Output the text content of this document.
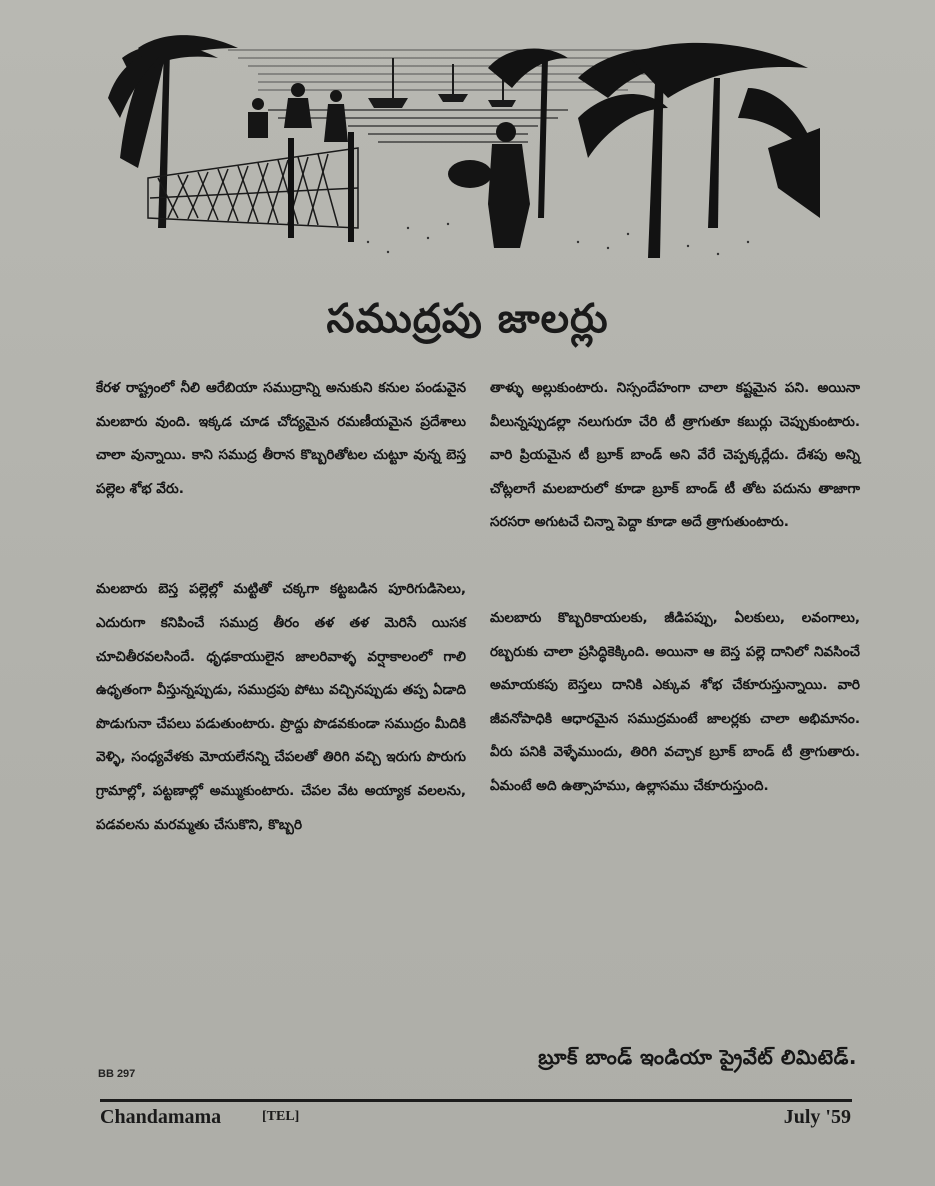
సముద్రపు జాలర్లు

కేరళ రాష్ట్రంలో నీలి ఆరేబియా సముద్రాన్ని అనుకుని కనుల పండువైన మలబారు వుంది. ఇక్కడ చూడ చోద్యమైన రమణీయమైన ప్రదేశాలు చాలా వున్నాయి. కాని సముద్ర తీరాన కొబ్బరితోటల చుట్టూ వున్న బెస్త పల్లెల శోభ వేరు.

మలబారు బెస్త పల్లెల్లో మట్టితో చక్కగా కట్టబడిన పూరిగుడిసెలు, ఎదురుగా కనిపించే సముద్ర తీరం తళ తళ మెరిసే యిసక చూచితీరవలసిందే. ధృఢకాయులైన జాలరివాళ్ళ వర్షాకాలంలో గాలి ఉధృతంగా వీస్తున్నప్పుడు, సముద్రపు పోటు వచ్చినప్పుడు తప్ప ఏడాది పొడుగునా చేపలు పడుతుంటారు. ప్రొద్దు పొడవకుండా సముద్రం మీదికి వెళ్ళి, సంధ్యవేళకు మోయలేనన్ని చేపలతో తిరిగి వచ్చి ఇరుగు పొరుగు గ్రామాల్లో, పట్టణాల్లో అమ్ముకుంటారు. చేపల వేట అయ్యాక వలలను, పడవలను మరమ్మతు చేసుకొని, కొబ్బరి

తాళ్ళు అల్లుకుంటారు. నిస్సందేహంగా చాలా కష్టమైన పని. అయినా వీలున్నప్పుడల్లా నలుగురూ చేరి టీ త్రాగుతూ కబుర్లు చెప్పుకుంటారు. వారి ప్రియమైన టీ బ్రూక్ బాండ్ అని వేరే చెప్పక్కర్లేదు. దేశపు అన్ని చోట్లలాగే మలబారులో కూడా బ్రూక్ బాండ్ టీ తోట పదును తాజాగా సరసరా అగుటచే చిన్నా పెద్దా కూడా అదే త్రాగుతుంటారు.

మలబారు కొబ్బరికాయలకు, జీడిపప్పు, ఏలకులు, లవంగాలు, రబ్బరుకు చాలా ప్రసిద్ధికెక్కింది. అయినా ఆ బెస్త పల్లె దానిలో నివసించే అమాయకపు బెస్తలు దానికి ఎక్కువ శోభ చేకూరుస్తున్నాయి. వారి జీవనోపాధికి ఆధారమైన సముద్రమంటే జాలర్లకు చాలా అభిమానం. వీరు పనికి వెళ్ళేముందు, తిరిగి వచ్చాక బ్రూక్ బాండ్ టీ త్రాగుతారు. ఏమంటే అది ఉత్సాహము, ఉల్లాసము చేకూరుస్తుంది.

BB 297
బ్రూక్ బాండ్ ఇండియా ప్రైవేట్ లిమిటెడ్.
Chandamama	[TEL]	July '59
